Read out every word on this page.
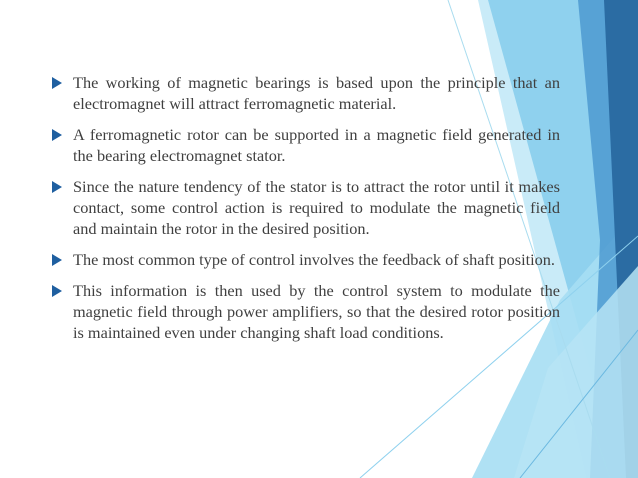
The working of magnetic bearings is based upon the principle that an electromagnet will attract ferromagnetic material.
A ferromagnetic rotor can be supported in a magnetic field generated in the bearing electromagnet stator.
Since the nature tendency of the stator is to attract the rotor until it makes contact, some control action is required to modulate the magnetic field and maintain the rotor in the desired position.
The most common type of control involves the feedback of shaft position.
This information is then used by the control system to modulate the magnetic field through power amplifiers, so that the desired rotor position is maintained even under changing shaft load conditions.
